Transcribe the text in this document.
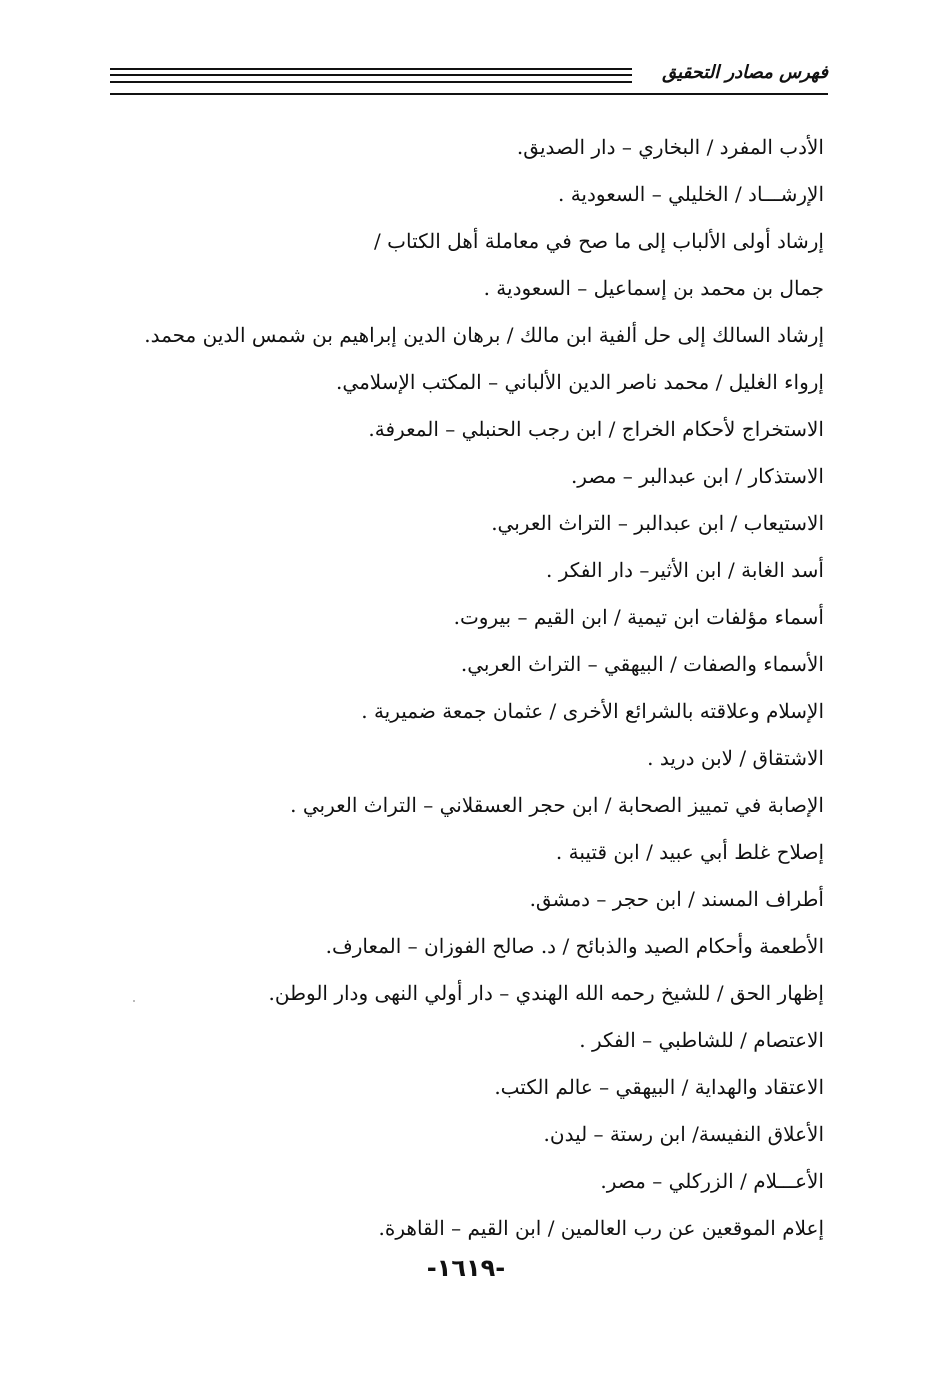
فهرس مصادر التحقيق
الأدب المفرد / البخاري – دار الصديق.
الإرشـــاد / الخليلي – السعودية .
إرشاد أولى الألباب إلى ما صح في معاملة أهل الكتاب /
جمال بن محمد بن إسماعيل – السعودية .
إرشاد السالك إلى حل ألفية ابن مالك / برهان الدين إبراهيم بن شمس الدين محمد.
إرواء الغليل / محمد ناصر الدين الألباني – المكتب الإسلامي.
الاستخراج لأحكام الخراج / ابن رجب الحنبلي – المعرفة.
الاستذكار / ابن عبدالبر – مصر.
الاستيعاب / ابن عبدالبر – التراث العربي.
أسد الغابة / ابن الأثير– دار الفكر .
أسماء مؤلفات ابن تيمية / ابن القيم – بيروت.
الأسماء والصفات / البيهقي – التراث العربي.
الإسلام وعلاقته بالشرائع الأخرى / عثمان جمعة ضميرية .
الاشتقاق / لابن دريد .
الإصابة في تمييز الصحابة / ابن حجر العسقلاني – التراث العربي .
إصلاح غلط أبي عبيد / ابن قتيبة .
أطراف المسند / ابن حجر – دمشق.
الأطعمة وأحكام الصيد والذبائح / د. صالح الفوزان – المعارف.
إظهار الحق / للشيخ رحمه الله الهندي – دار أولي النهى ودار الوطن.
الاعتصام / للشاطبي – الفكر .
الاعتقاد والهداية / البيهقي – عالم الكتب.
الأعلاق النفيسة/ ابن رستة – ليدن.
الأعـــلام / الزركلي – مصر.
إعلام الموقعين عن رب العالمين / ابن القيم – القاهرة.
-١٦١٩-
